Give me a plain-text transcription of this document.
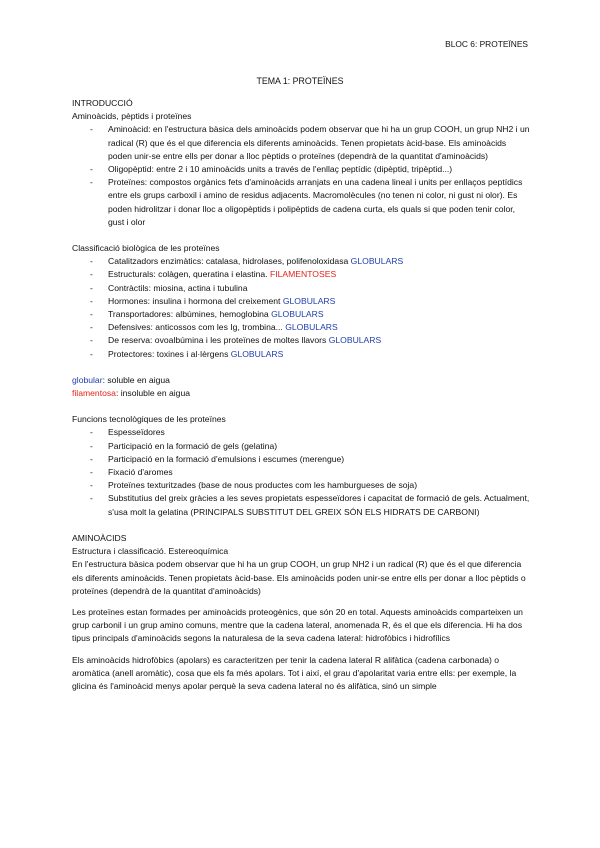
BLOC 6: PROTEÏNES
TEMA 1: PROTEÏNES

INTRODUCCIÓ

Aminoàcids, pèptids i proteïnes

- Aminoàcid: en l'estructura bàsica dels aminoàcids podem observar que hi ha un grup COOH, un grup NH2 i un radical (R) que és el que diferencia els diferents aminoàcids. Tenen propietats àcid-base. Els aminoàcids poden unir-se entre ells per donar a lloc pèptids o proteïnes (dependrà de la quantitat d'aminoàcids)
- Oligopèptid: entre 2 i 10 aminoàcids units a través de l'enllaç peptídic (dipèptid, tripèptid...)
- Proteïnes: compostos orgànics fets d'aminoàcids arranjats en una cadena lineal i units per enllaços peptídics entre els grups carboxil i amino de residus adjacents. Macromolècules (no tenen ni color, ni gust ni olor). Es poden hidrolitzar i donar lloc a oligopèptids i polipèptids de cadena curta, els quals si que poden tenir color, gust i olor

Classificació biològica de les proteïnes

- Catalitzadors enzimàtics: catalasa, hidrolases, polifenoloxidasa GLOBULARS
- Estructurals: colàgen, queratina i elastina. FILAMENTOSES
- Contràctils: miosina, actina i tubulina
- Hormones: insulina i hormona del creixement GLOBULARS
- Transportadores: albúmines, hemoglobina GLOBULARS
- Defensives: anticossos com les Ig, trombina... GLOBULARS
- De reserva: ovoalbúmina i les proteïnes de moltes llavors GLOBULARS
- Protectores: toxines i al·lèrgens GLOBULARS

globular: soluble en aigua

filamentosa: insoluble en aigua

Funcions tecnològiques de les proteïnes

- Espesseïdores
- Participació en la formació de gels (gelatina)
- Participació en la formació d'emulsions i escumes (merengue)
- Fixació d'aromes
- Proteïnes texturitzades (base de nous productes com les hamburgueses de soja)
- Substitutius del greix gràcies a les seves propietats espesseïdores i capacitat de formació de gels. Actualment, s'usa molt la gelatina (PRINCIPALS SUBSTITUT DEL GREIX SÓN ELS HIDRATS DE CARBONI)

AMINOÀCIDS

Estructura i classificació. Estereoquímica

En l'estructura bàsica podem observar que hi ha un grup COOH, un grup NH2 i un radical (R) que és el que diferencia els diferents aminoàcids. Tenen propietats àcid-base. Els aminoàcids poden unir-se entre ells per donar a lloc pèptids o proteïnes (dependrà de la quantitat d'aminoàcids)

Les proteïnes estan formades per aminoàcids proteogènics, que són 20 en total. Aquests aminoàcids comparteixen un grup carbonil i un grup amino comuns, mentre que la cadena lateral, anomenada R, és el que els diferencia. Hi ha dos tipus principals d'aminoàcids segons la naturalesa de la seva cadena lateral: hidrofòbics i hidrofílics

Els aminoàcids hidrofòbics (apolars) es caracteritzen per tenir la cadena lateral R alifàtica (cadena carbonada) o aromàtica (anell aromàtic), cosa que els fa més apolars. Tot i així, el grau d'apolaritat varia entre ells: per exemple, la glicina és l'aminoàcid menys apolar perquè la seva cadena lateral no és alifàtica, sinó un simple
